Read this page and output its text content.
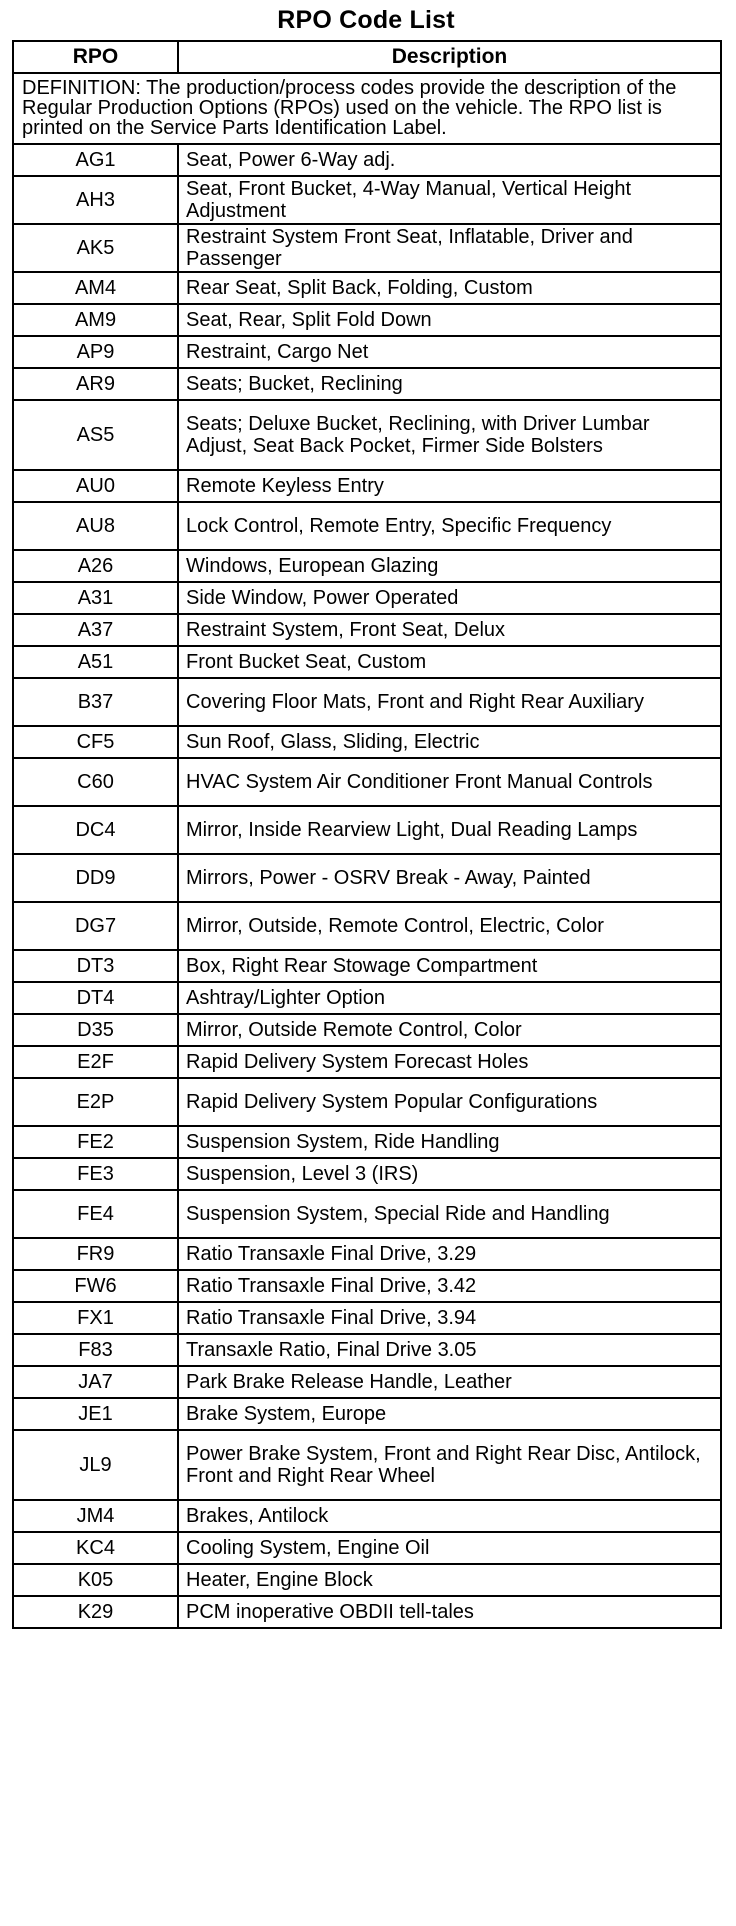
RPO Code List
RPO	Description
DEFINITION: The production/process codes provide the description of the Regular Production Options (RPOs) used on the vehicle. The RPO list is printed on the Service Parts Identification Label.	
AG1	Seat, Power 6-Way adj.
AH3	Seat, Front Bucket, 4-Way Manual, Vertical Height Adjustment
AK5	Restraint System Front Seat, Inflatable, Driver and Passenger
AM4	Rear Seat, Split Back, Folding, Custom
AM9	Seat, Rear, Split Fold Down
AP9	Restraint, Cargo Net
AR9	Seats; Bucket, Reclining
AS5	Seats; Deluxe Bucket, Reclining, with Driver Lumbar Adjust, Seat Back Pocket, Firmer Side Bolsters
AU0	Remote Keyless Entry
AU8	Lock Control, Remote Entry, Specific Frequency
A26	Windows, European Glazing
A31	Side Window, Power Operated
A37	Restraint System, Front Seat, Delux
A51	Front Bucket Seat, Custom
B37	Covering Floor Mats, Front and Right Rear Auxiliary
CF5	Sun Roof, Glass, Sliding, Electric
C60	HVAC System Air Conditioner Front Manual Controls
DC4	Mirror, Inside Rearview Light, Dual Reading Lamps
DD9	Mirrors, Power - OSRV Break - Away, Painted
DG7	Mirror, Outside, Remote Control, Electric, Color
DT3	Box, Right Rear Stowage Compartment
DT4	Ashtray/Lighter Option
D35	Mirror, Outside Remote Control, Color
E2F	Rapid Delivery System Forecast Holes
E2P	Rapid Delivery System Popular Configurations
FE2	Suspension System, Ride Handling
FE3	Suspension, Level 3 (IRS)
FE4	Suspension System, Special Ride and Handling
FR9	Ratio Transaxle Final Drive, 3.29
FW6	Ratio Transaxle Final Drive, 3.42
FX1	Ratio Transaxle Final Drive, 3.94
F83	Transaxle Ratio, Final Drive 3.05
JA7	Park Brake Release Handle, Leather
JE1	Brake System, Europe
JL9	Power Brake System, Front and Right Rear Disc, Antilock, Front and Right Rear Wheel
JM4	Brakes, Antilock
KC4	Cooling System, Engine Oil
K05	Heater, Engine Block
K29	PCM inoperative OBDII tell-tales
